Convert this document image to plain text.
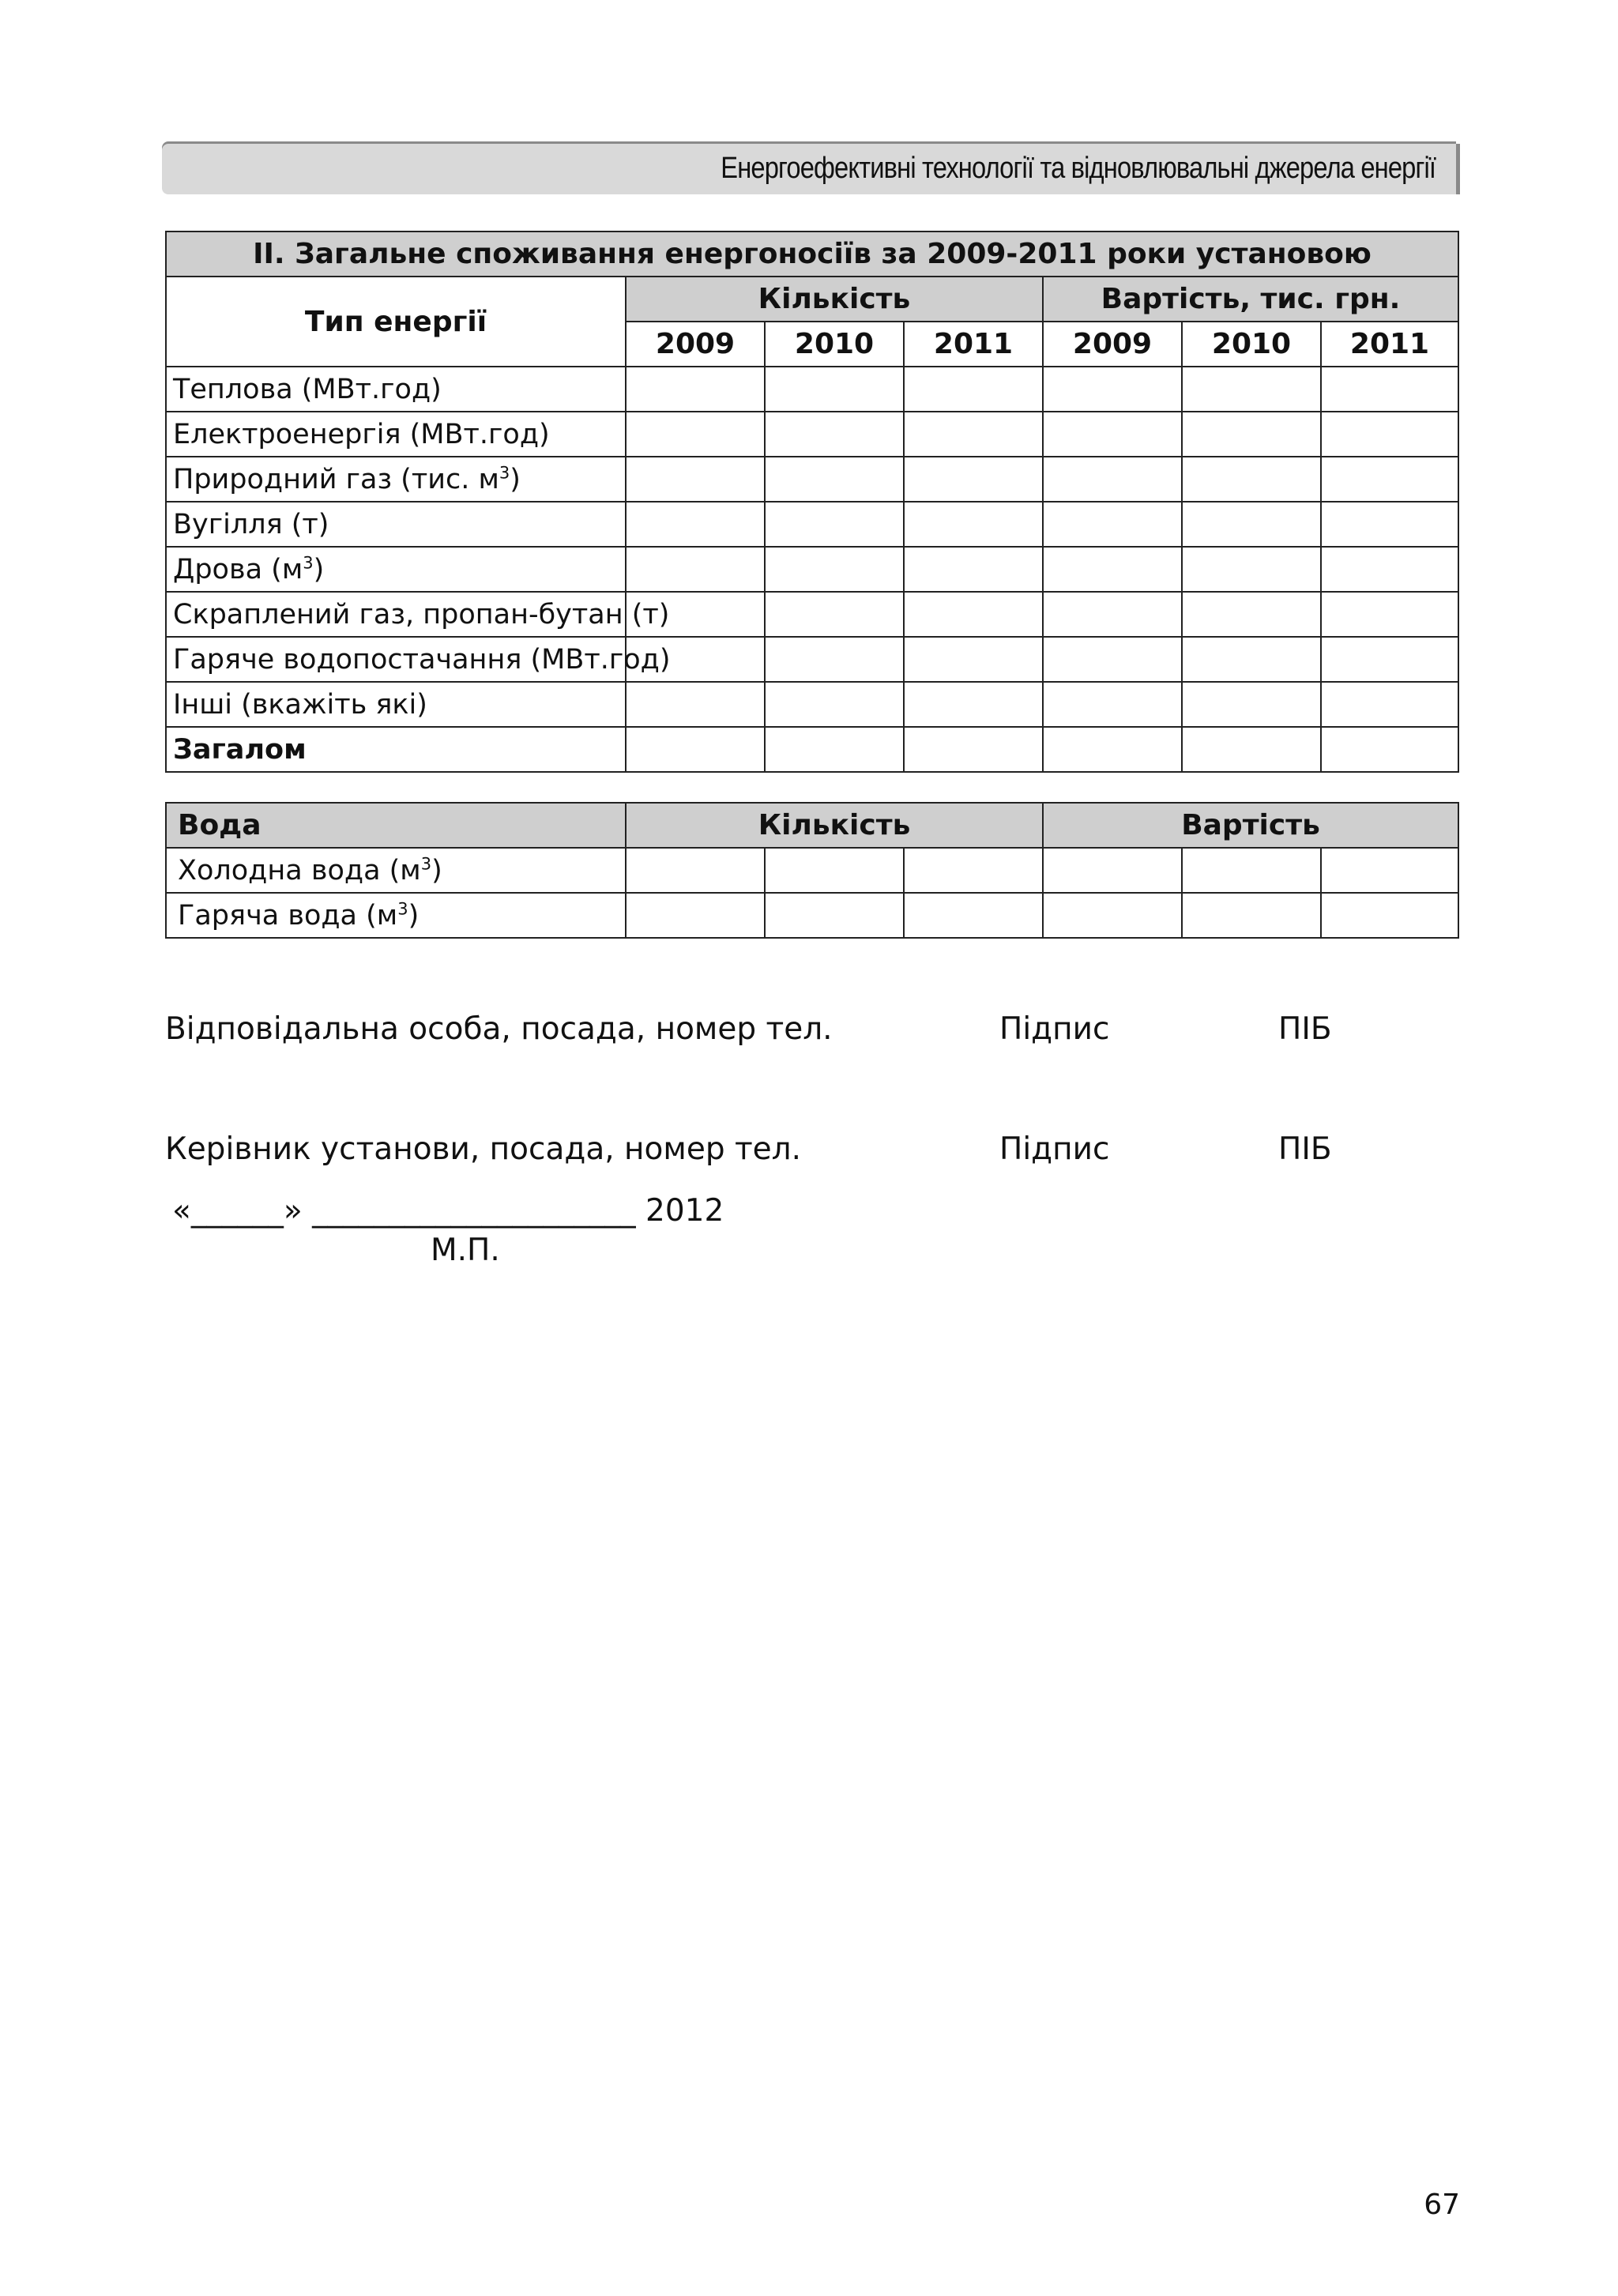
Енергоефективні технології та відновлювальні джерела енергії
ІІ. Загальне споживання енергоносіїв за 2009-2011 роки установою						
Тип енергії	Кількість			Вартість, тис. грн.		
	2009	2010	2011	2009	2010	2011
Теплова (МВт.год)						
Електроенергія (МВт.год)						
Природний газ (тис. $м^3$)						
Вугілля (т)						
Дрова $(м^3)$						
Скраплений газ, пропан-бутан (т)						
Гаряче водопостачання (МВт.год)						
Інші (вкажіть які)						
Загалом						
Вода	Кількість			Вартість		
Холодна вода $(м^3)$						
Гаряча вода $(м^3)$						
Відповідальна особа, посада, номер тел.	Підпис	ПІБ
Керівник установи, посада, номер тел.	Підпис	ПІБ
«______» _____________________ 2012
М.П.
67
